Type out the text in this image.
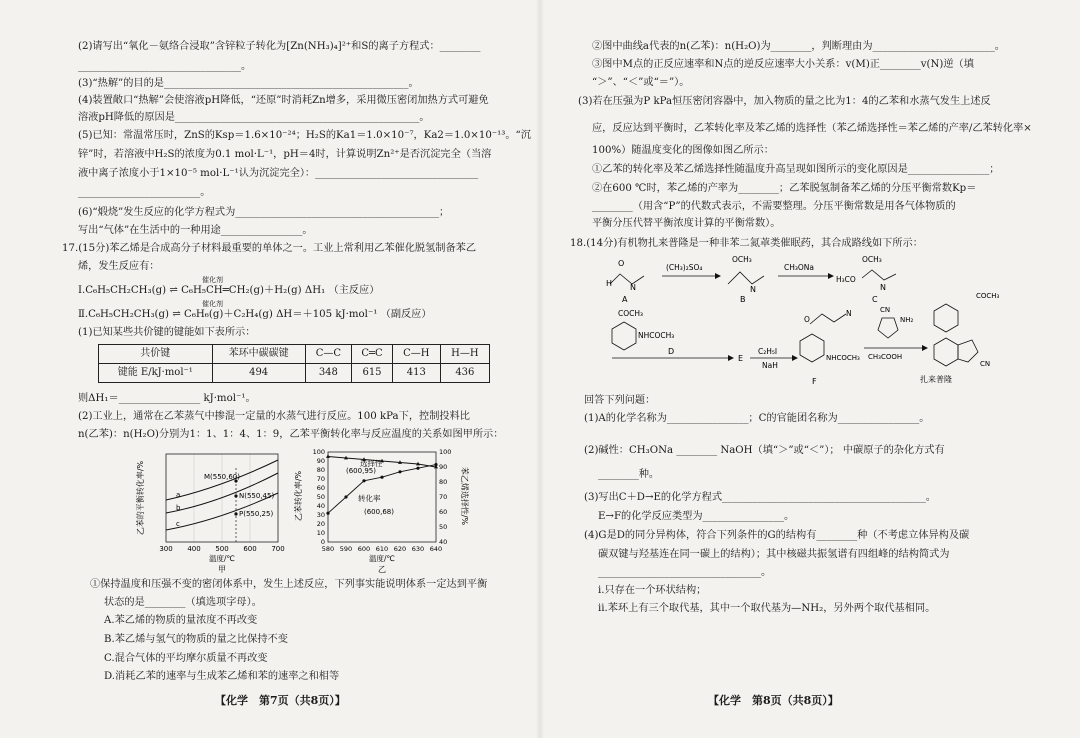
(2)请写出“氧化－氨络合浸取”含锌粒子转化为[Zn(NH₃)₄]²⁺和S的离子方程式：________
________________________________。
(3)“热解”的目的是________________________________________________。
(4)装置敞口“热解”会使溶液pH降低，“还原”时消耗Zn增多，采用微压密闭加热方式可避免
溶液pH降低的原因是________________________________________________。
(5)已知：常温常压时，ZnS的Ksp＝1.6×10⁻²⁴；H₂S的Ka1＝1.0×10⁻⁷，Ka2＝1.0×10⁻¹³。“沉
锌”时，若溶液中H₂S的浓度为0.1 mol·L⁻¹，pH＝4时，计算说明Zn²⁺是否沉淀完全（当溶
液中离子浓度小于1×10⁻⁵ mol·L⁻¹认为沉淀完全）：________________________________
________________________。
(6)“煅烧”发生反应的化学方程式为________________________________________；
写出“气体”在生活中的一种用途________________。
17.(15分)苯乙烯是合成高分子材料最重要的单体之一。工业上常利用乙苯催化脱氢制备苯乙
烯，发生反应有：
Ⅰ.C₆H₅CH₂CH₃(g) ⇌ C₆H₅CH═CH₂(g)＋H₂(g) ΔH₁ （主反应）
催化剂
Ⅱ.C₆H₅CH₂CH₃(g) ⇌ C₆H₆(g)＋C₂H₄(g) ΔH＝＋105 kJ·mol⁻¹ （副反应）
催化剂
(1)已知某些共价键的键能如下表所示：
共价键	苯环中碳碳键	C—C	C═C	C—H	H—H
键能 E/kJ·mol⁻¹	494	348	615	413	436
则ΔH₁＝________________ kJ·mol⁻¹。
(2)工业上，通常在乙苯蒸气中掺混一定量的水蒸气进行反应。100 kPa下，控制投料比
n(乙苯)：n(H₂O)分别为1：1、1：4、1：9，乙苯平衡转化率与反应温度的关系如图甲所示：
乙苯的平衡转化率/%	a
b
c
M(550,60)
N(550,45)
P(550,25)
300 400 500 600 700
温度/℃
甲
乙苯转化率/%	苯乙烯选择性/%
580 590 600 610 620 630 640
0
10
20
30
40
50
60
70
80
90
100
40
50
60
70
80
90
100
选择性
转化率
(600,95)
(600,68)
温度/℃
乙
①保持温度和压强不变的密闭体系中，发生上述反应，下列事实能说明体系一定达到平衡
状态的是________（填选项字母）。
A.苯乙烯的物质的量浓度不再改变
B.苯乙烯与氢气的物质的量之比保持不变
C.混合气体的平均摩尔质量不再改变
D.消耗乙苯的速率与生成苯乙烯和苯的速率之和相等
【化学　第7页（共8页）】
②图中曲线a代表的n(乙苯)：n(H₂O)为________，判断理由为________________________。
③图中M点的正反应速率和N点的逆反应速率大小关系：v(M)正________v(N)逆（填
“＞”、“＜”或“＝”）。
(3)若在压强为P kPa恒压密闭容器中，加入物质的量之比为1：4的乙苯和水蒸气发生上述反
应，反应达到平衡时，乙苯转化率及苯乙烯的选择性（苯乙烯选择性＝苯乙烯的产率/乙苯转化率×
100%）随温度变化的图像如图乙所示：
①乙苯的转化率及苯乙烯选择性随温度升高呈现如图所示的变化原因是________________；
②在600 ℃时，苯乙烯的产率为________；乙苯脱氢制备苯乙烯的分压平衡常数Kp＝
________（用含“P”的代数式表示，不需要整理。分压平衡常数是用各气体物质的
平衡分压代替平衡浓度计算的平衡常数）。
18.(14分)有机物扎来普隆是一种非苯二氮䓬类催眠药，其合成路线如下所示：
O
H N
A
(CH₃)₂SO₄
OCH₃
N
B
CH₃ONa
OCH₃
H₃CO
N
C
COCH₃
NHCOCH₃
D
E
C₂H₅I
NaH
O
N
NHCOCH₃
F
CN
NH₂
CH₃COOH
COCH₃
CN
扎来普隆
回答下列问题：
(1)A的化学名称为________________；C的官能团名称为________________。
(2)碱性：CH₃ONa ________ NaOH（填“＞”或“＜”）； 中碳原子的杂化方式有
________种。
(3)写出C＋D→E的化学方程式________________________________________。
E→F的化学反应类型为________________。
(4)G是D的同分异构体，符合下列条件的G的结构有________种（不考虑立体异构及碳
碳双键与羟基连在同一碳上的结构）；其中核磁共振氢谱有四组峰的结构简式为
________________________________。
ⅰ.只存在一个环状结构；
ⅱ.苯环上有三个取代基，其中一个取代基为—NH₂，另外两个取代基相同。
【化学　第8页（共8页）】
